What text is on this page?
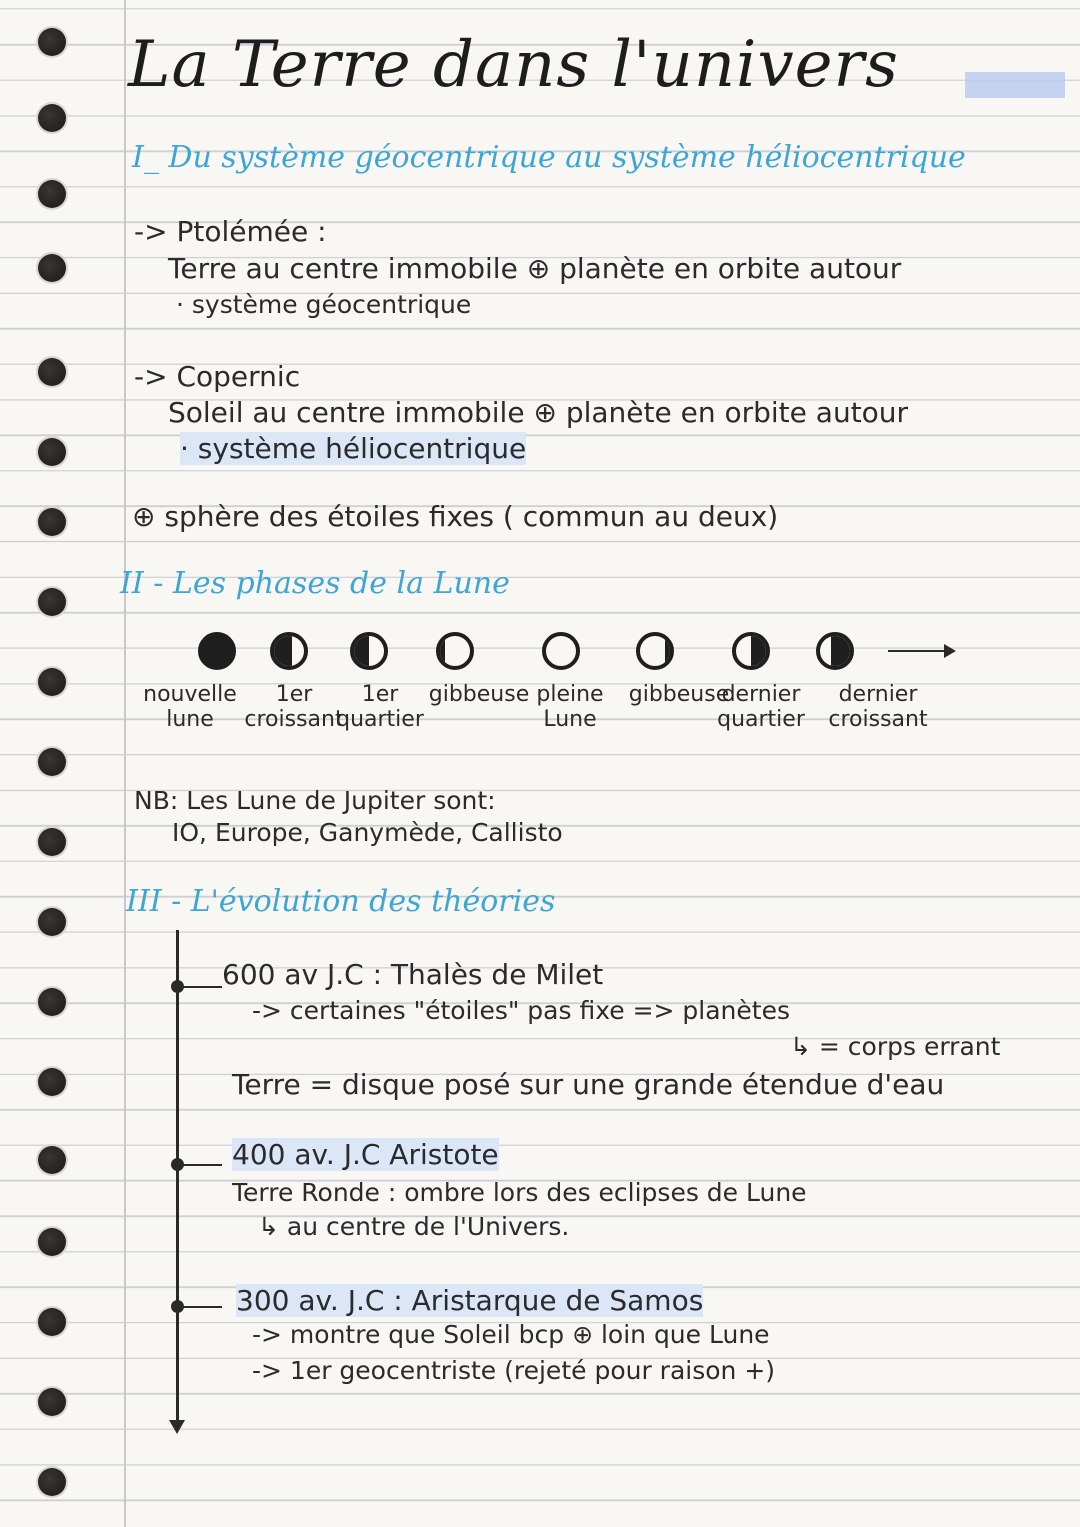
La Terre dans l'univers
I_ Du système géocentrique au système héliocentrique
-> Ptolémée :
Terre au centre immobile ⊕ planète en orbite autour
· système géocentrique
-> Copernic
Soleil au centre immobile ⊕ planète en orbite autour
· système héliocentrique
⊕ sphère des étoiles fixes ( commun au deux)
II - Les phases de la Lune
nouvelle
lune
1er
croissant
1er
quartier
gibbeuse pleine
Lune
gibbeuse
dernier
quartier
dernier
croissant
NB: Les Lune de Jupiter sont:
IO, Europe, Ganymède, Callisto
III - L'évolution des théories
600 av J.C : Thalès de Milet
-> certaines "étoiles" pas fixe => planètes
↳ = corps errant
Terre = disque posé sur une grande étendue d'eau
400 av. J.C Aristote
Terre Ronde : ombre lors des eclipses de Lune
↳ au centre de l'Univers.
300 av. J.C : Aristarque de Samos
-> montre que Soleil bcp ⊕ loin que Lune
-> 1er geocentriste (rejeté pour raison +)
